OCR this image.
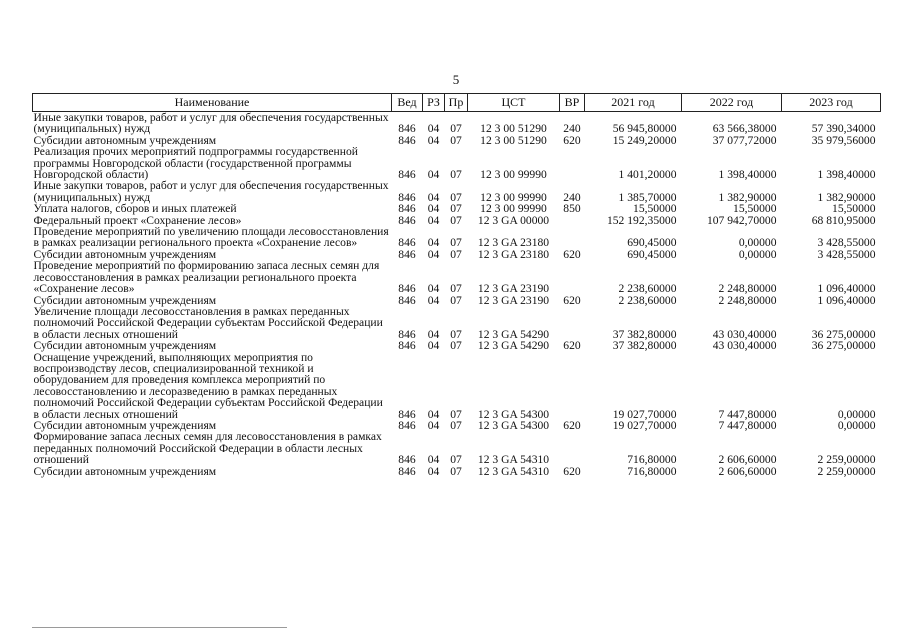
5
Наименование	Вед	РЗ	Пр	ЦСТ	ВР	2021 год	2022 год	2023 год
Иные закупки товаров, работ и услуг для обеспечения государственных (муниципальных) нужд	846	04	07	12 3 00 51290	240	56 945,80000	63 566,38000	57 390,34000
Субсидии автономным учреждениям	846	04	07	12 3 00 51290	620	15 249,20000	37 077,72000	35 979,56000
Реализация прочих мероприятий подпрограммы государственной программы Новгородской области (государственной программы Новгородской области)	846	04	07	12 3 00 99990		1 401,20000	1 398,40000	1 398,40000
Иные закупки товаров, работ и услуг для обеспечения государственных (муниципальных) нужд	846	04	07	12 3 00 99990	240	1 385,70000	1 382,90000	1 382,90000
Уплата налогов, сборов и иных платежей	846	04	07	12 3 00 99990	850	15,50000	15,50000	15,50000
Федеральный проект «Сохранение лесов»	846	04	07	12 3 GA 00000		152 192,35000	107 942,70000	68 810,95000
Проведение мероприятий по увеличению площади лесовосстановления в рамках реализации регионального проекта «Сохранение лесов»	846	04	07	12 3 GA 23180		690,45000	0,00000	3 428,55000
Субсидии автономным учреждениям	846	04	07	12 3 GA 23180	620	690,45000	0,00000	3 428,55000
Проведение мероприятий по формированию запаса лесных семян для лесовосстановления в рамках реализации регионального проекта «Сохранение лесов»	846	04	07	12 3 GA 23190		2 238,60000	2 248,80000	1 096,40000
Субсидии автономным учреждениям	846	04	07	12 3 GA 23190	620	2 238,60000	2 248,80000	1 096,40000
Увеличение площади лесовосстановления в рамках переданных полномочий Российской Федерации субъектам Российской Федерации в области лесных отношений	846	04	07	12 3 GA 54290		37 382,80000	43 030,40000	36 275,00000
Субсидии автономным учреждениям	846	04	07	12 3 GA 54290	620	37 382,80000	43 030,40000	36 275,00000
Оснащение учреждений, выполняющих мероприятия по воспроизводству лесов, специализированной техникой и оборудованием для проведения комплекса мероприятий по лесовосстановлению и лесоразведению в рамках переданных полномочий Российской Федерации субъектам Российской Федерации в области лесных отношений	846	04	07	12 3 GA 54300		19 027,70000	7 447,80000	0,00000
Субсидии автономным учреждениям	846	04	07	12 3 GA 54300	620	19 027,70000	7 447,80000	0,00000
Формирование запаса лесных семян для лесовосстановления в рамках переданных полномочий Российской Федерации в области лесных отношений	846	04	07	12 3 GA 54310		716,80000	2 606,60000	2 259,00000
Субсидии автономным учреждениям	846	04	07	12 3 GA 54310	620	716,80000	2 606,60000	2 259,00000
